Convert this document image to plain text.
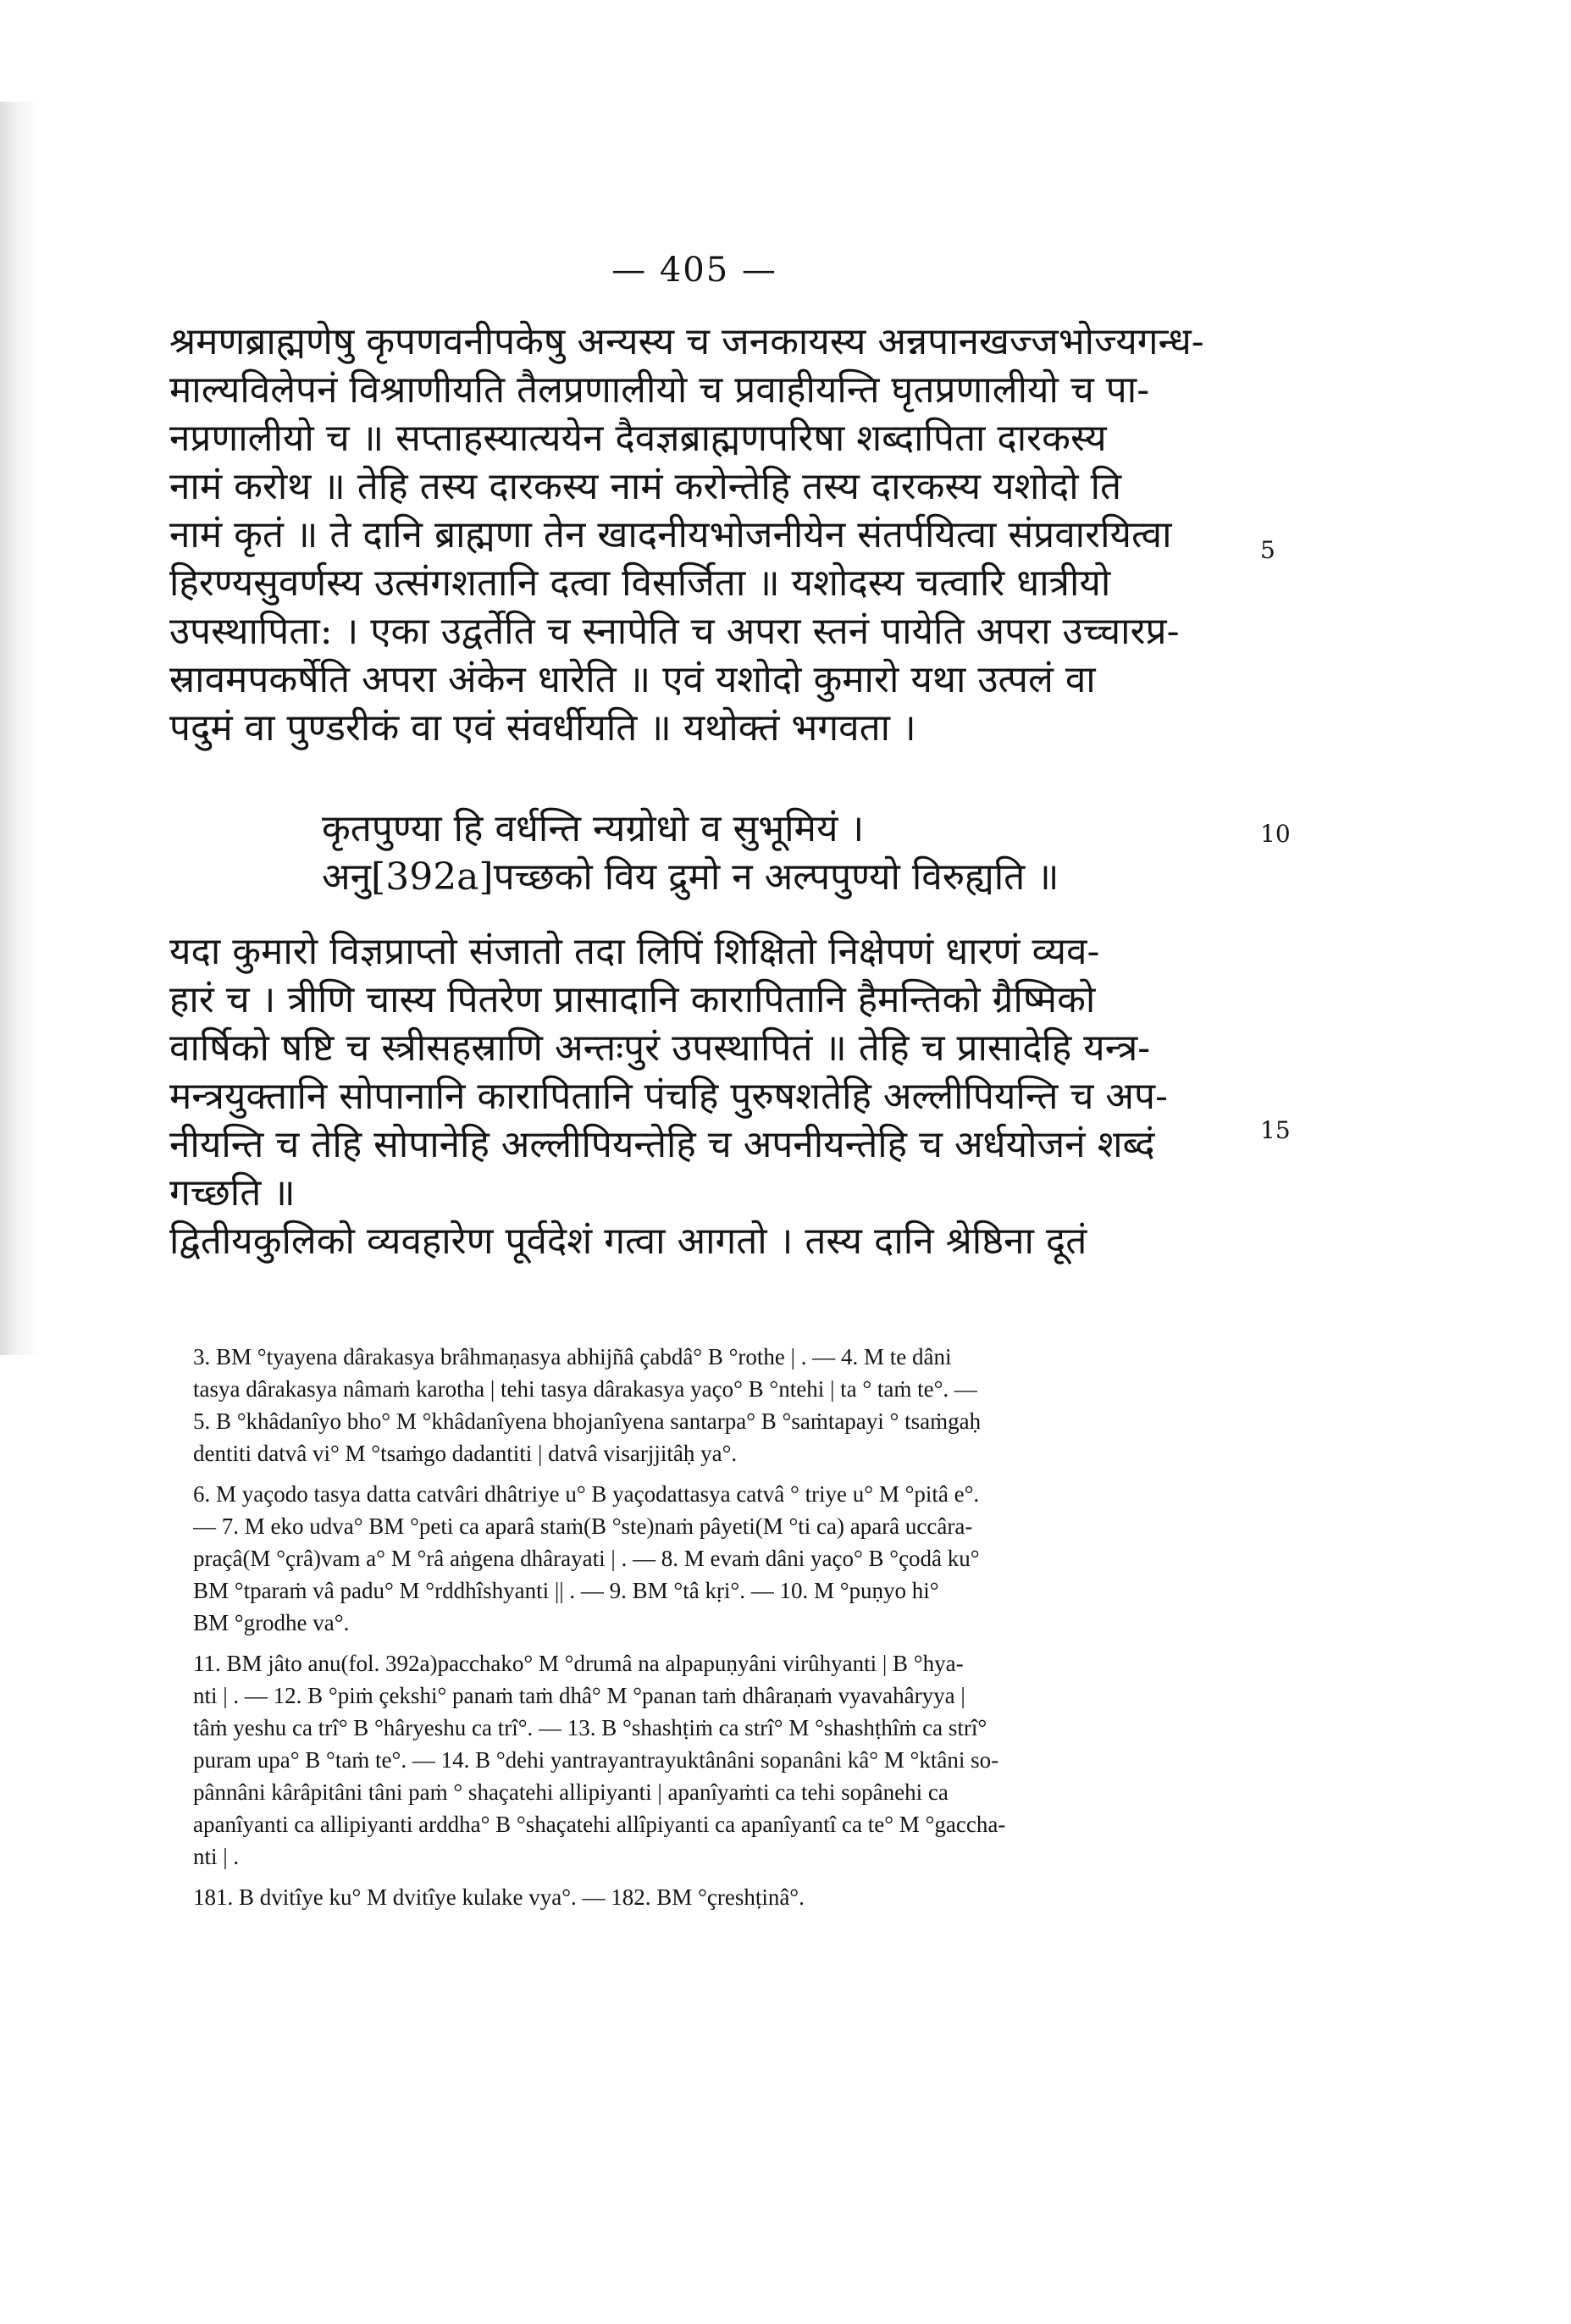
— 405 —
श्रमणब्राह्मणेषु कृपणवनीपकेषु अन्यस्य च जनकायस्य अन्नपानखज्जभोज्यगन्ध-
माल्यविलेपनं विश्राणीयति तैलप्रणालीयो च प्रवाहीयन्ति घृतप्रणालीयो च पा-
नप्रणालीयो च ॥ सप्ताहस्यात्ययेन दैवज्ञब्राह्मणपरिषा शब्दापिता दारकस्य
नामं करोथ ॥ तेहि तस्य दारकस्य नामं करोन्तेहि तस्य दारकस्य यशोदो ति
नामं कृतं ॥ ते दानि ब्राह्मणा तेन खादनीयभोजनीयेन संतर्पयित्वा संप्रवारयित्वा
हिरण्यसुवर्णस्य उत्संगशतानि दत्वा विसर्जिता ॥ यशोदस्य चत्वारि धात्रीयो
उपस्थापिता: । एका उद्वर्तेति च स्नापेति च अपरा स्तनं पायेति अपरा उच्चारप्र-
स्रावमपकर्षेति अपरा अंकेन धारेति ॥ एवं यशोदो कुमारो यथा उत्पलं वा
पदुमं वा पुण्डरीकं वा एवं संवर्धीयति ॥ यथोक्तं भगवता ।
5
कृतपुण्या हि वर्धन्ति न्यग्रोधो व सुभूमियं ।
अनु[392a]पच्छको विय द्रुमो न अल्पपुण्यो विरुह्यति ॥
10
यदा कुमारो विज्ञप्राप्तो संजातो तदा लिपिं शिक्षितो निक्षेपणं धारणं व्यव-
हारं च । त्रीणि चास्य पितरेण प्रासादानि कारापितानि हैमन्तिको ग्रैष्मिको
वार्षिको षष्टि च स्त्रीसहस्राणि अन्तःपुरं उपस्थापितं ॥ तेहि च प्रासादेहि यन्त्र-
मन्त्रयुक्तानि सोपानानि कारापितानि पंचहि पुरुषशतेहि अल्लीपियन्ति च अप-
नीयन्ति च तेहि सोपानेहि अल्लीपियन्तेहि च अपनीयन्तेहि च अर्धयोजनं शब्दं
गच्छति ॥
द्वितीयकुलिको व्यवहारेण पूर्वदेशं गत्वा आगतो । तस्य दानि श्रेष्ठिना दूतं
15
3. BM °tyayena dârakasya brâhmaṇasya abhijñâ çabdâ° B °rothe | . — 4. M te dâni
tasya dârakasya nâmaṁ karotha | tehi tasya dârakasya yaço° B °ntehi | ta ° taṁ te°. —
5. B °khâdanîyo bho° M °khâdanîyena bhojanîyena santarpa° B °saṁtapayi ° tsaṁgaḥ
dentiti datvâ vi° M °tsaṁgo dadantiti | datvâ visarjjitâḥ ya°.
6. M yaçodo tasya datta catvâri dhâtriye u° B yaçodattasya catvâ ° triye u° M °pitâ e°.
— 7. M eko udva° BM °peti ca aparâ staṁ(B °ste)naṁ pâyeti(M °ti ca) aparâ uccâra-
praçâ(M °çrâ)vam a° M °râ aṅgena dhârayati | . — 8. M evaṁ dâni yaço° B °çodâ ku°
BM °tparaṁ vâ padu° M °rddhîshyanti || . — 9. BM °tâ kṛi°. — 10. M °puṇyo hi°
BM °grodhe va°.
11. BM jâto anu(fol. 392a)pacchako° M °drumâ na alpapuṇyâni virûhyanti | B °hya-
nti | . — 12. B °piṁ çekshi° panaṁ taṁ dhâ° M °panan taṁ dhâraṇaṁ vyavahâryya |
tâṁ yeshu ca trî° B °hâryeshu ca trî°. — 13. B °shashṭiṁ ca strî° M °shashṭhîṁ ca strî°
puram upa° B °taṁ te°. — 14. B °dehi yantrayantrayuktânâni sopanâni kâ° M °ktâni so-
pânnâni kârâpitâni tâni paṁ ° shaçatehi allipiyanti | apanîyaṁti ca tehi sopânehi ca
apanîyanti ca allipiyanti arddha° B °shaçatehi allîpiyanti ca apanîyantî ca te° M °gaccha-
nti | .
181. B dvitîye ku° M dvitîye kulake vya°. — 182. BM °çreshṭinâ°.
